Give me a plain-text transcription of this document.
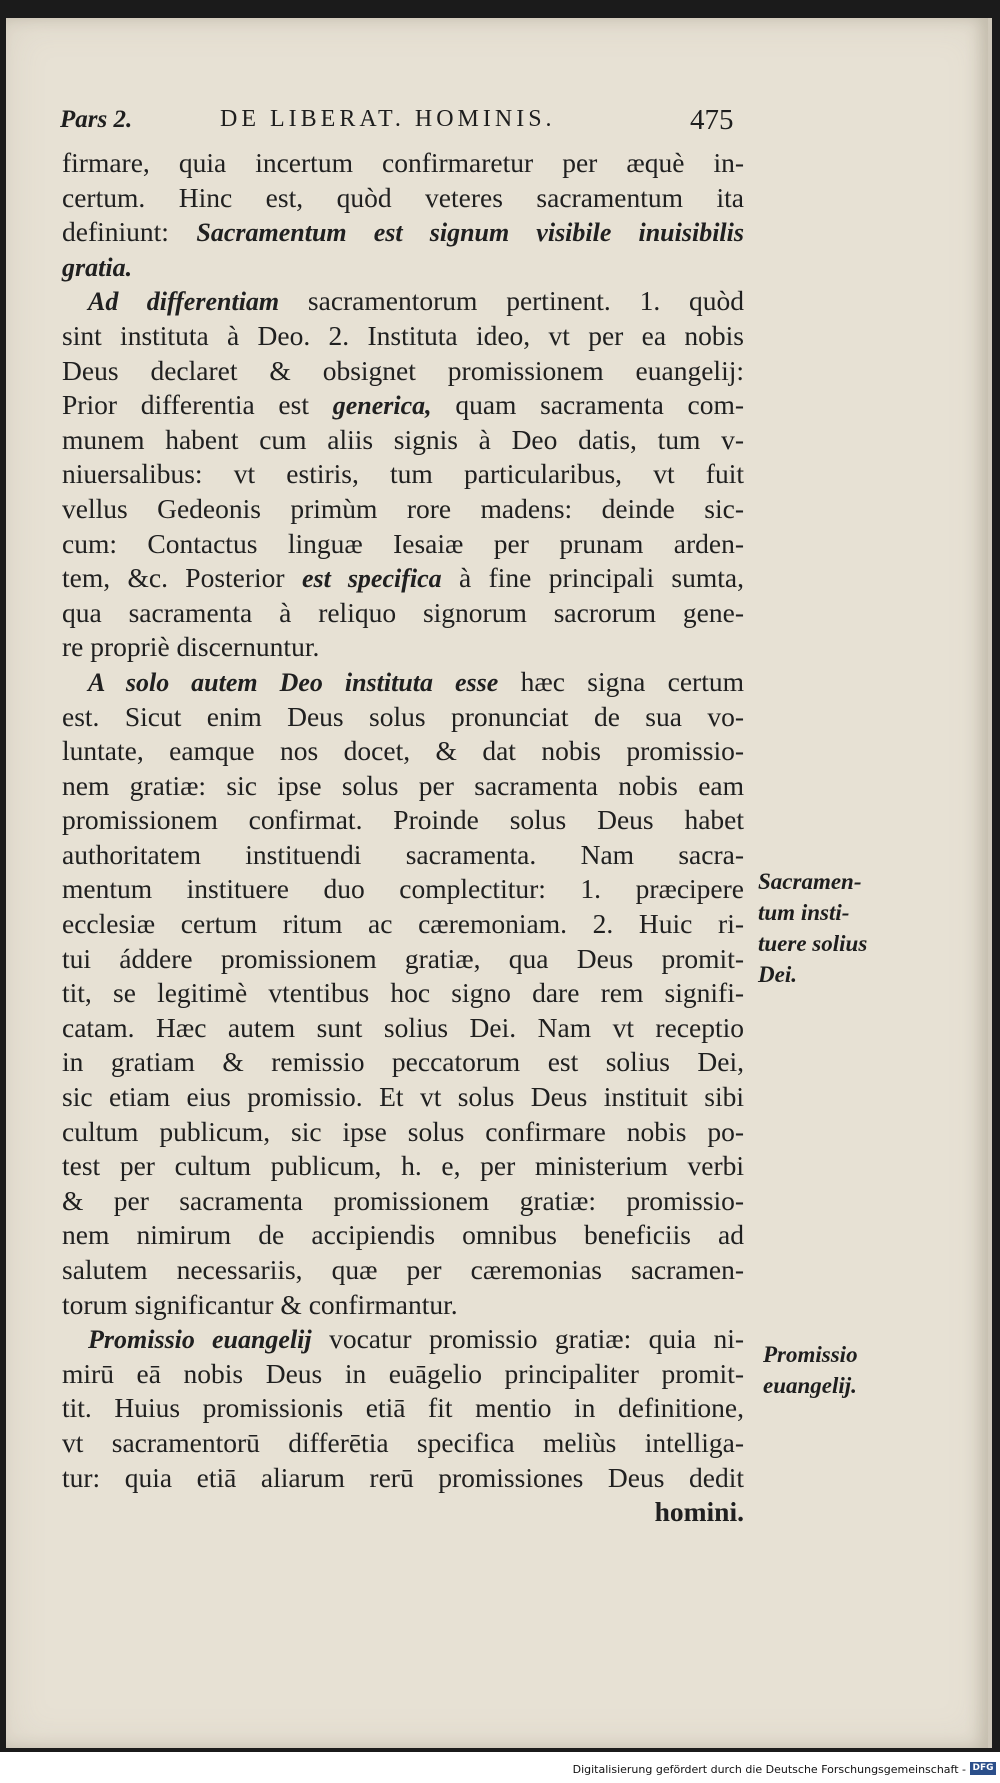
Pars 2.	DE LIBERAT. HOMINIS.	475
firmare, quia incertum confirmaretur per æquè in-
certum. Hinc est, quòd veteres sacramentum ita
definiunt: Sacramentum est signum visibile inuisibilis
gratia.
Ad differentiam sacramentorum pertinent. 1. quòd
sint instituta à Deo. 2. Instituta ideo, vt per ea nobis
Deus declaret & obsignet promissionem euangelij:
Prior differentia est generica, quam sacramenta com-
munem habent cum aliis signis à Deo datis, tum v-
niuersalibus: vt estiris, tum particularibus, vt fuit
vellus Gedeonis primùm rore madens: deinde sic-
cum: Contactus linguæ Iesaiæ per prunam arden-
tem, &c. Posterior est specifica à fine principali sumta,
qua sacramenta à reliquo signorum sacrorum gene-
re propriè discernuntur.
A solo autem Deo instituta esse hæc signa certum
est. Sicut enim Deus solus pronunciat de sua vo-
luntate, eamque nos docet, & dat nobis promissio-
nem gratiæ: sic ipse solus per sacramenta nobis eam
promissionem confirmat. Proinde solus Deus habet
authoritatem instituendi sacramenta. Nam sacra-
mentum instituere duo complectitur: 1. præcipere
ecclesiæ certum ritum ac cæremoniam. 2. Huic ri-
tui áddere promissionem gratiæ, qua Deus promit-
tit, se legitimè vtentibus hoc signo dare rem signifi-
catam. Hæc autem sunt solius Dei. Nam vt receptio
in gratiam & remissio peccatorum est solius Dei,
sic etiam eius promissio. Et vt solus Deus instituit sibi
cultum publicum, sic ipse solus confirmare nobis po-
test per cultum publicum, h. e, per ministerium verbi
& per sacramenta promissionem gratiæ: promissio-
nem nimirum de accipiendis omnibus beneficiis ad
salutem necessariis, quæ per cæremonias sacramen-
torum significantur & confirmantur.
Promissio euangelij vocatur promissio gratiæ: quia ni-
mirū eā nobis Deus in euāgelio principaliter promit-
tit. Huius promissionis etiā fit mentio in definitione,
vt sacramentorū differētia specifica meliùs intelliga-
tur: quia etiā aliarum rerū promissiones Deus dedit
homini.
Sacramen-
tum insti-
tuere solius
Dei.
Promissio
euangelij.
Digitalisierung gefördert durch die Deutsche Forschungsgemeinschaft - DFG
